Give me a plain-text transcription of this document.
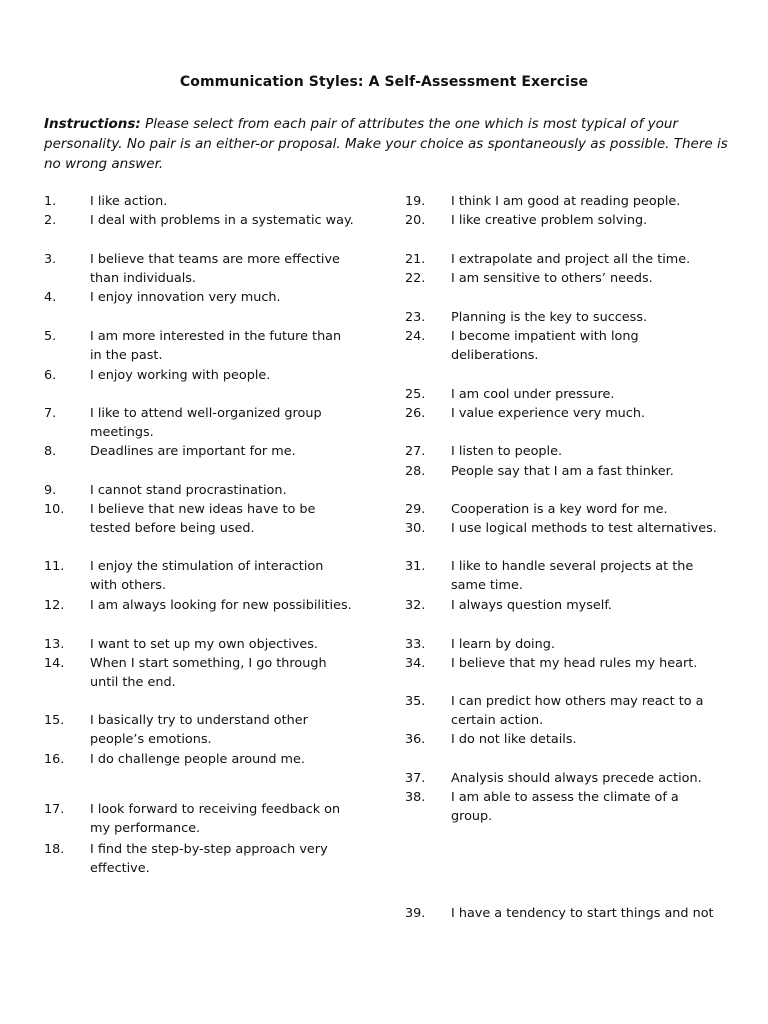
Communication Styles: A Self-Assessment Exercise
Instructions: Please select from each pair of attributes the one which is most typical of your personality. No pair is an either-or proposal. Make your choice as spontaneously as possible. There is no wrong answer.
1.	I like action.
2.	I deal with problems in a systematic way.
3.	I believe that teams are more effective
than individuals.
4.	I enjoy innovation very much.
5.	I am more interested in the future than
in the past.
6.	I enjoy working with people.
7.	I like to attend well-organized group
meetings.
8.	Deadlines are important for me.
9.	I cannot stand procrastination.
10. I believe that new ideas have to be
tested before being used.
11. I enjoy the stimulation of interaction
with others.
12. I am always looking for new possibilities.
13. I want to set up my own objectives.
14. When I start something, I go through
until the end.
15. I basically try to understand other
people’s emotions.
16. I do challenge people around me.
17. I look forward to receiving feedback on
my performance.
18. I find the step-by-step approach very
effective.
19. I think I am good at reading people.
20. I like creative problem solving.
21. I extrapolate and project all the time.
22. I am sensitive to others’ needs.
23. Planning is the key to success.
24. I become impatient with long
deliberations.
25. I am cool under pressure.
26. I value experience very much.
27. I listen to people.
28. People say that I am a fast thinker.
29. Cooperation is a key word for me.
30. I use logical methods to test alternatives.
31. I like to handle several projects at the
same time.
32. I always question myself.
33. I learn by doing.
34. I believe that my head rules my heart.
35. I can predict how others may react to a
certain action.
36. I do not like details.
37. Analysis should always precede action.
38. I am able to assess the climate of a
group.
39. I have a tendency to start things and not
